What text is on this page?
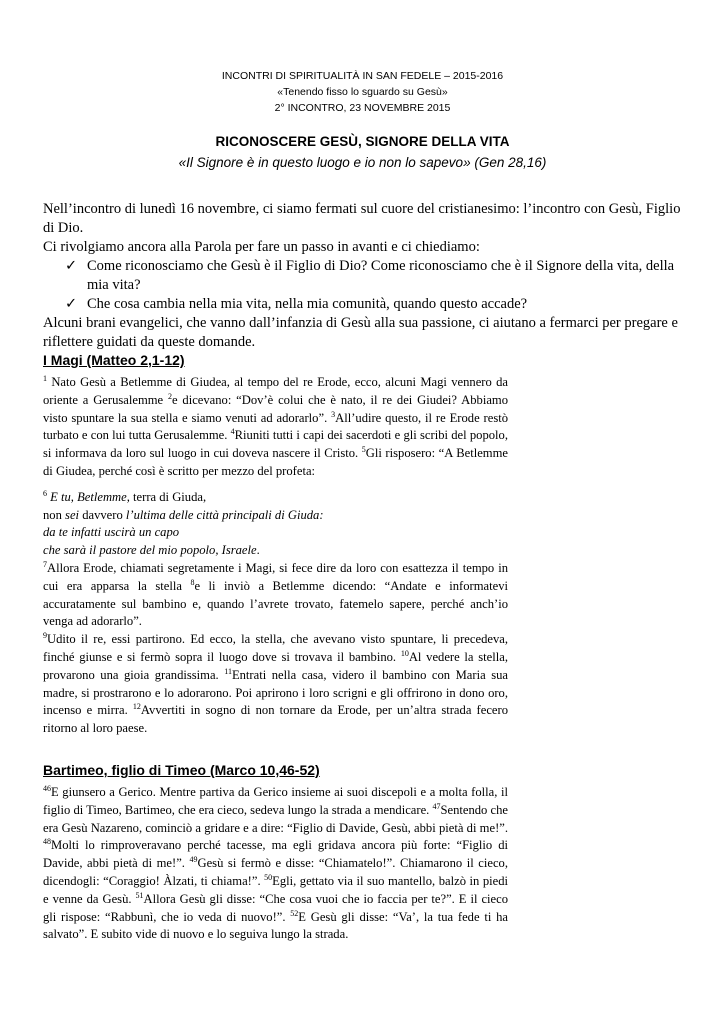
INCONTRI DI SPIRITUALITÀ IN SAN FEDELE – 2015-2016
«Tenendo fisso lo sguardo su Gesù»
2° INCONTRO, 23 NOVEMBRE 2015
RICONOSCERE GESÙ, SIGNORE DELLA VITA
«Il Signore è in questo luogo e io non lo sapevo» (Gen 28,16)

Nell’incontro di lunedì 16 novembre, ci siamo fermati sul cuore del cristianesimo: l’incontro con Gesù, Figlio di Dio.

Ci rivolgiamo ancora alla Parola per fare un passo in avanti e ci chiediamo:

✓ Come riconosciamo che Gesù è il Figlio di Dio? Come riconosciamo che è il Signore della vita, della mia vita?
✓ Che cosa cambia nella mia vita, nella mia comunità, quando questo accade?

Alcuni brani evangelici, che vanno dall’infanzia di Gesù alla sua passione, ci aiutano a fermarci per pregare e riflettere guidati da queste domande.

I Magi (Matteo 2,1-12)

$^1$ Nato Gesù a Betlemme di Giudea, al tempo del re Erode, ecco, alcuni Magi vennero da oriente a Gerusalemme $^2$e dicevano: “Dov’è colui che è nato, il re dei Giudei? Abbiamo visto spuntare la sua stella e siamo venuti ad adorarlo”. $^3$All’udire questo, il re Erode restò turbato e con lui tutta Gerusalemme. $^4$Riuniti tutti i capi dei sacerdoti e gli scribi del popolo, si informava da loro sul luogo in cui doveva nascere il Cristo. $^5$Gli risposero: “A Betlemme di Giudea, perché così è scritto per mezzo del profeta:

$^6$ E tu, Betlemme, terra di Giuda,
non sei davvero l’ultima delle città principali di Giuda:
da te infatti uscirà un capo
che sarà il pastore del mio popolo, Israele.

$^7$Allora Erode, chiamati segretamente i Magi, si fece dire da loro con esattezza il tempo in cui era apparsa la stella $^8$e li inviò a Betlemme dicendo: “Andate e informatevi accuratamente sul bambino e, quando l’avrete trovato, fatemelo sapere, perché anch’io venga ad adorarlo”.

$^9$Udito il re, essi partirono. Ed ecco, la stella, che avevano visto spuntare, li precedeva, finché giunse e si fermò sopra il luogo dove si trovava il bambino. $^{10}$Al vedere la stella, provarono una gioia grandissima. $^{11}$Entrati nella casa, videro il bambino con Maria sua madre, si prostrarono e lo adorarono. Poi aprirono i loro scrigni e gli offrirono in dono oro, incenso e mirra. $^{12}$Avvertiti in sogno di non tornare da Erode, per un’altra strada fecero ritorno al loro paese.

Bartimeo, figlio di Timeo (Marco 10,46-52)

$^{46}$E giunsero a Gerico. Mentre partiva da Gerico insieme ai suoi discepoli e a molta folla, il figlio di Timeo, Bartimeo, che era cieco, sedeva lungo la strada a mendicare. $^{47}$Sentendo che era Gesù Nazareno, cominciò a gridare e a dire: “Figlio di Davide, Gesù, abbi pietà di me!”. $^{48}$Molti lo rimproveravano perché tacesse, ma egli gridava ancora più forte: “Figlio di Davide, abbi pietà di me!”. $^{49}$Gesù si fermò e disse: “Chiamatelo!”. Chiamarono il cieco, dicendogli: “Coraggio! Àlzati, ti chiama!”. $^{50}$Egli, gettato via il suo mantello, balzò in piedi e venne da Gesù. $^{51}$Allora Gesù gli disse: “Che cosa vuoi che io faccia per te?”. E il cieco gli rispose: “Rabbunì, che io veda di nuovo!”. $^{52}$E Gesù gli disse: “Va’, la tua fede ti ha salvato”. E subito vide di nuovo e lo seguiva lungo la strada.
